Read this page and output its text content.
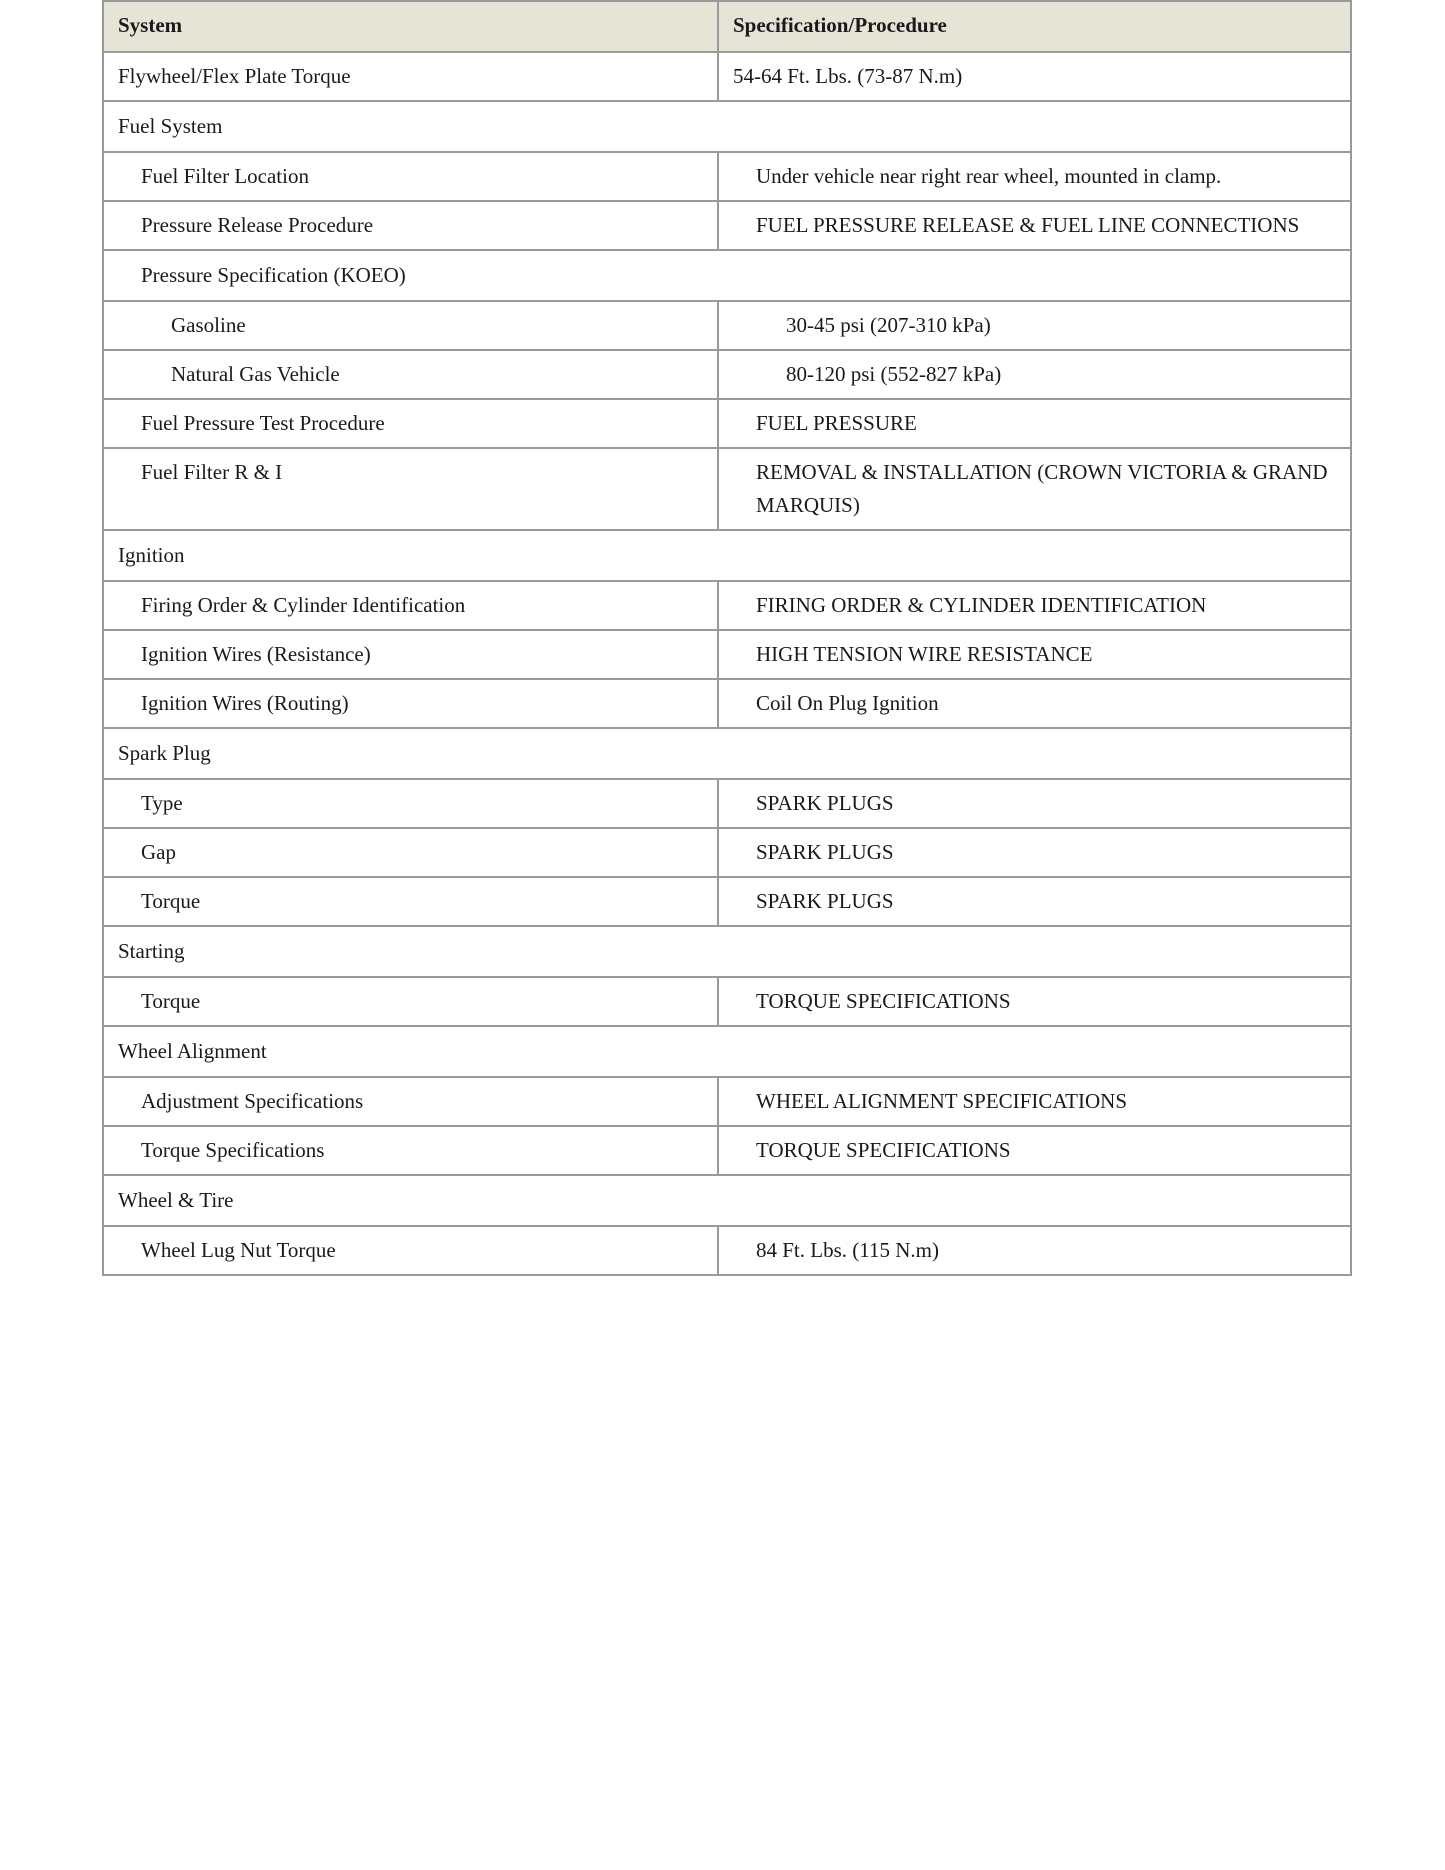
System	Specification/Procedure
Flywheel/Flex Plate Torque	54-64 Ft. Lbs. (73-87 N.m)
Fuel System	
Fuel Filter Location	Under vehicle near right rear wheel, mounted in clamp.
Pressure Release Procedure	FUEL PRESSURE RELEASE & FUEL LINE CONNECTIONS
Pressure Specification (KOEO)	
Gasoline	30-45 psi (207-310 kPa)
Natural Gas Vehicle	80-120 psi (552-827 kPa)
Fuel Pressure Test Procedure	FUEL PRESSURE
Fuel Filter R & I	REMOVAL & INSTALLATION (CROWN VICTORIA & GRAND MARQUIS)
Ignition	
Firing Order & Cylinder Identification	FIRING ORDER & CYLINDER IDENTIFICATION
Ignition Wires (Resistance)	HIGH TENSION WIRE RESISTANCE
Ignition Wires (Routing)	Coil On Plug Ignition
Spark Plug	
Type	SPARK PLUGS
Gap	SPARK PLUGS
Torque	SPARK PLUGS
Starting	
Torque	TORQUE SPECIFICATIONS
Wheel Alignment	
Adjustment Specifications	WHEEL ALIGNMENT SPECIFICATIONS
Torque Specifications	TORQUE SPECIFICATIONS
Wheel & Tire	
Wheel Lug Nut Torque	84 Ft. Lbs. (115 N.m)
